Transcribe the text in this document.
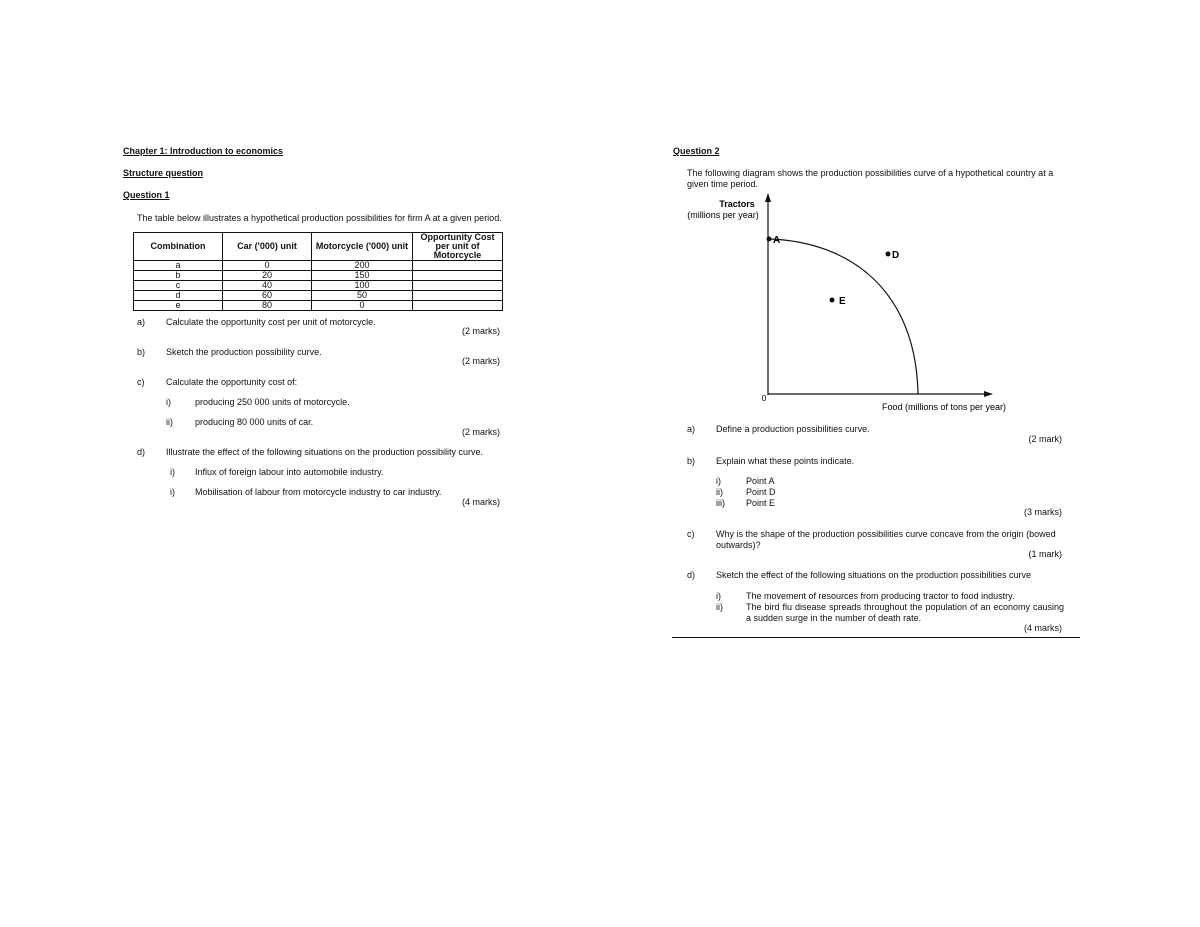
Chapter 1: Introduction to economics
Structure question
Question 1
The table below illustrates a hypothetical production possibilities for firm A at a given period.
Combination	Car ('000) unit	Motorcycle ('000) unit	Opportunity Cost per unit of Motorcycle
a	0	200	
b	20	150	
c	40	100	
d	60	50	
e	80	0	
a) Calculate the opportunity cost per unit of motorcycle.
(2 marks)
b) Sketch the production possibility curve.
(2 marks)
c) Calculate the opportunity cost of:
i)	producing 250 000 units of motorcycle.
ii) producing 80 000 units of car.
(2 marks)
d) Illustrate the effect of the following situations on the production possibility curve.
i) Influx of foreign labour into automobile industry.
i) Mobilisation of labour from motorcycle industry to car industry.
(4 marks)
Question 2
The following diagram shows the production possibilities curve of a hypothetical country at a given time period.
Tractors
(millions per year)
A
D
E
0
Food (millions of tons per year)
a) Define a production possibilities curve.
(2 mark)
b) Explain what these points indicate.
i)	Point A
ii)	Point D
iii) Point E
(3 marks)
c) Why is the shape of the production possibilities curve concave from the origin (bowed outwards)?
(1 mark)
d) Sketch the effect of the following situations on the production possibilities curve
i)	The movement of resources from producing tractor to food industry.
ii)	The bird flu disease spreads throughout the population of an economy causing a sudden surge in the number of death rate.
(4 marks)
